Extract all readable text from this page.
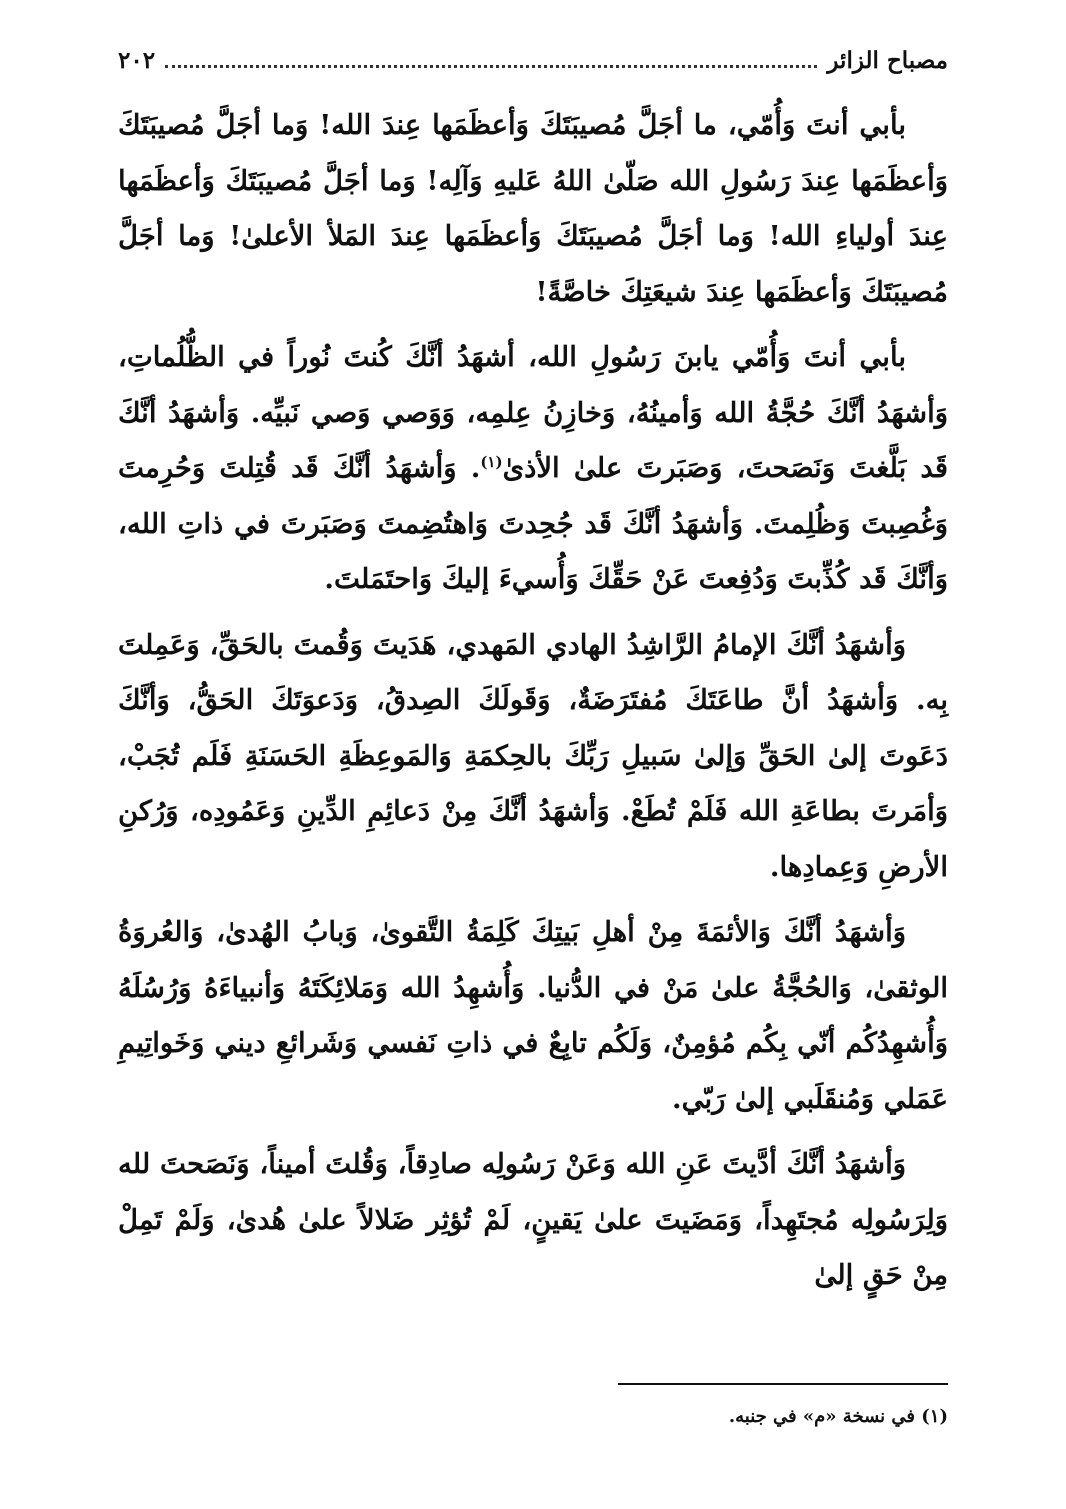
مصباح الزائر
٢٠٢

بأبي أنتَ وَأُمّي، ما أجَلَّ مُصيبَتَكَ وَأعظَمَها عِندَ الله! وَما أجَلَّ مُصيبَتَكَ وَأعظَمَها عِندَ رَسُولِ الله صَلّىٰ اللهُ عَليهِ وَآلِه! وَما أجَلَّ مُصيبَتَكَ وَأعظَمَها عِندَ أولياءِ الله! وَما أجَلَّ مُصيبَتَكَ وَأعظَمَها عِندَ المَلأ الأعلىٰ! وَما أجَلَّ مُصيبَتَكَ وَأعظَمَها عِندَ شيعَتِكَ خاصَّةً!

بأبي أنتَ وَأُمّي يابنَ رَسُولِ الله، أشهَدُ أنَّكَ كُنتَ نُوراً في الظُّلُماتِ، وَأشهَدُ أنَّكَ حُجَّةُ الله وَأمينُهُ، وَخازِنُ عِلمِه، وَوَصي وَصي نَبيِّه. وَأشهَدُ أنَّكَ قَد بَلَّغتَ وَنَصَحتَ، وَصَبَرتَ علىٰ الأذىٰ$^{(١)}$. وَأشهَدُ أنَّكَ قَد قُتِلتَ وَحُرِمتَ وَغُصِبتَ وَظُلِمتَ. وَأشهَدُ أنَّكَ قَد جُحِدتَ وَاهتُضِمتَ وَصَبَرتَ في ذاتِ الله، وَأنَّكَ قَد كُذِّبتَ وَدُفِعتَ عَنْ حَقِّكَ وَأُسيءَ إليكَ وَاحتَمَلتَ.

وَأشهَدُ أنَّكَ الإمامُ الرَّاشِدُ الهادي المَهدي، هَدَيتَ وَقُمتَ بالحَقِّ، وَعَمِلتَ بِه. وَأشهَدُ أنَّ طاعَتَكَ مُفتَرَضَةٌ، وَقَولَكَ الصِدقُ، وَدَعوَتَكَ الحَقُّ، وَأنَّكَ دَعَوتَ إلىٰ الحَقِّ وَإلىٰ سَبيلِ رَبِّكَ بالحِكمَةِ وَالمَوعِظَةِ الحَسَنَةِ فَلَم تُجَبْ، وَأمَرتَ بطاعَةِ الله فَلَمْ تُطَعْ. وَأشهَدُ أنَّكَ مِنْ دَعائِمِ الدِّينِ وَعَمُودِه، وَرُكنِ الأرضِ وَعِمادِها.

وَأشهَدُ أنَّكَ وَالأئمَةَ مِنْ أهلِ بَيتِكَ كَلِمَةُ التَّقوىٰ، وَبابُ الهُدىٰ، وَالعُروَةُ الوثقىٰ، وَالحُجَّةُ علىٰ مَنْ في الدُّنيا. وَأُشهِدُ الله وَمَلائِكَتَهُ وَأنبياءَهُ وَرُسُلَهُ وَأُشهِدُكُم أنّي بِكُم مُؤمِنٌ، وَلَكُم تابِعٌ في ذاتِ نَفسي وَشَرائعِ ديني وَخَواتِيمِ عَمَلي وَمُنقَلَبي إلىٰ رَبّي.

وَأشهَدُ أنَّكَ أدَّيتَ عَنِ الله وَعَنْ رَسُولِه صادِقاً، وَقُلتَ أميناً، وَنَصَحتَ لله وَلِرَسُولِه مُجتَهِداً، وَمَضَيتَ علىٰ يَقينٍ، لَمْ تُؤثِر ضَلالاً علىٰ هُدىٰ، وَلَمْ تَمِلْ مِنْ حَقٍ إلىٰ

(١) في نسخة «م» في جنبه.
